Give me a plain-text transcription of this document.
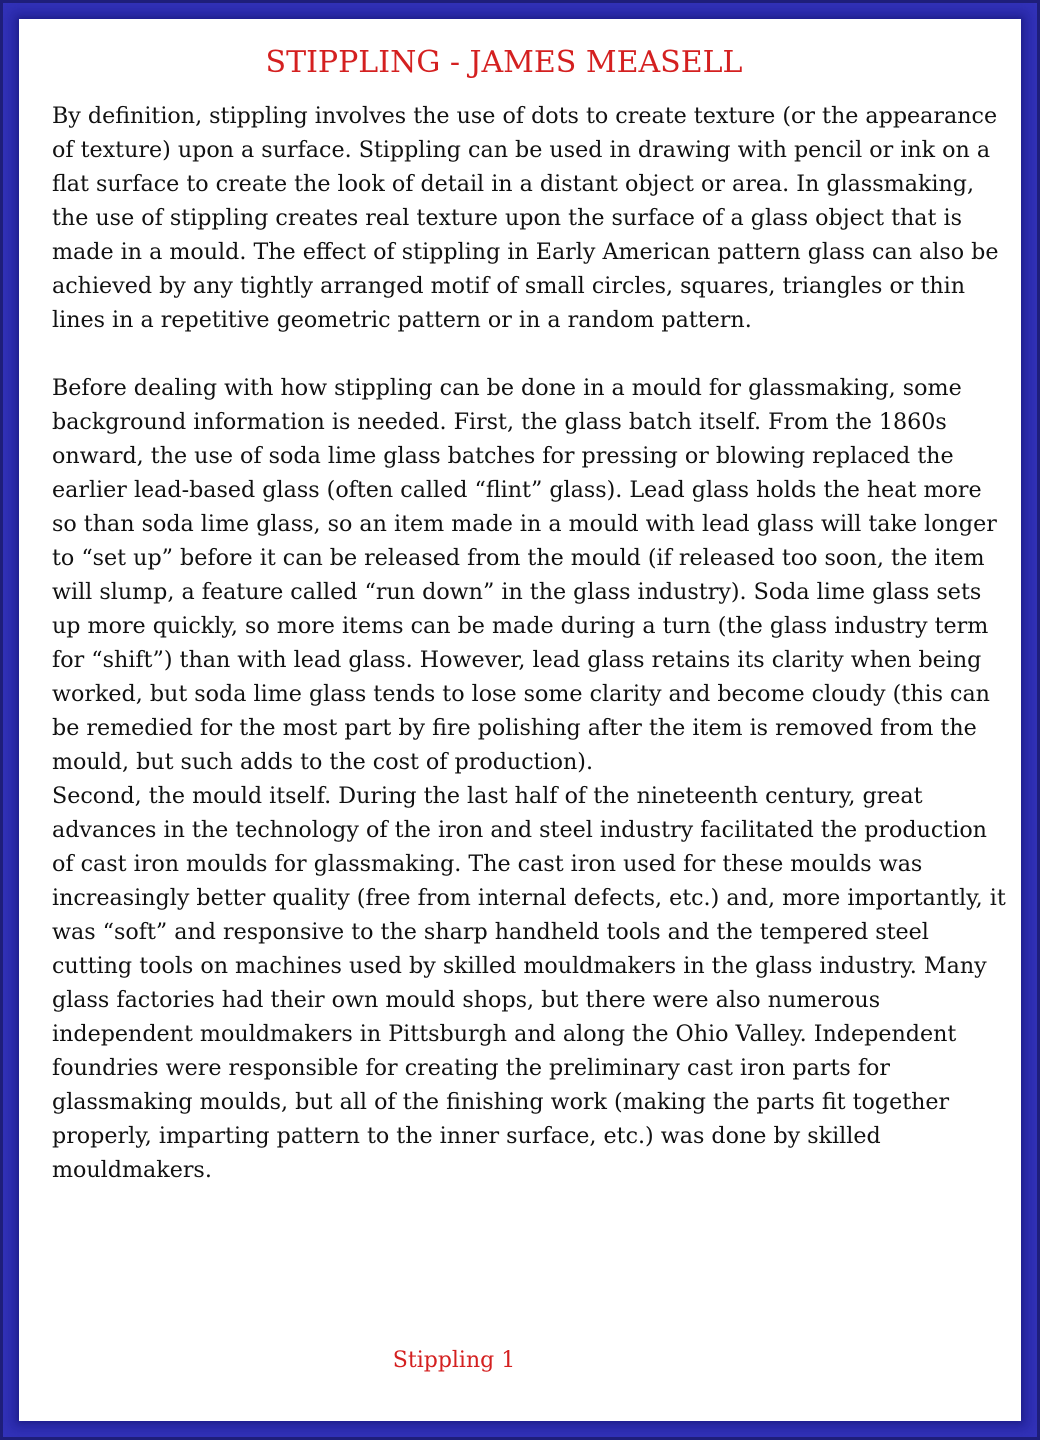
STIPPLING - JAMES MEASELL

By definition, stippling involves the use of dots to create texture (or the appearance of texture) upon a surface. Stippling can be used in drawing with pencil or ink on a flat surface to create the look of detail in a distant object or area. In glassmaking, the use of stippling creates real texture upon the surface of a glass object that is made in a mould. The effect of stippling in Early American pattern glass can also be achieved by any tightly arranged motif of small circles, squares, triangles or thin lines in a repetitive geometric pattern or in a random pattern.

Before dealing with how stippling can be done in a mould for glassmaking, some background information is needed. First, the glass batch itself. From the 1860s onward, the use of soda lime glass batches for pressing or blowing replaced the earlier lead-based glass (often called “flint” glass). Lead glass holds the heat more so than soda lime glass, so an item made in a mould with lead glass will take longer to “set up” before it can be released from the mould (if released too soon, the item will slump, a feature called “run down” in the glass industry). Soda lime glass sets up more quickly, so more items can be made during a turn (the glass industry term for “shift”) than with lead glass. However, lead glass retains its clarity when being worked, but soda lime glass tends to lose some clarity and become cloudy (this can be remedied for the most part by fire polishing after the item is removed from the mould, but such adds to the cost of production).

Second, the mould itself. During the last half of the nineteenth century, great advances in the technology of the iron and steel industry facilitated the production of cast iron moulds for glassmaking. The cast iron used for these moulds was increasingly better quality (free from internal defects, etc.) and, more importantly, it was “soft” and responsive to the sharp handheld tools and the tempered steel cutting tools on machines used by skilled mouldmakers in the glass industry. Many glass factories had their own mould shops, but there were also numerous independent mouldmakers in Pittsburgh and along the Ohio Valley. Independent foundries were responsible for creating the preliminary cast iron parts for glassmaking moulds, but all of the finishing work (making the parts fit together properly, imparting pattern to the inner surface, etc.) was done by skilled mouldmakers.

Stippling 1
